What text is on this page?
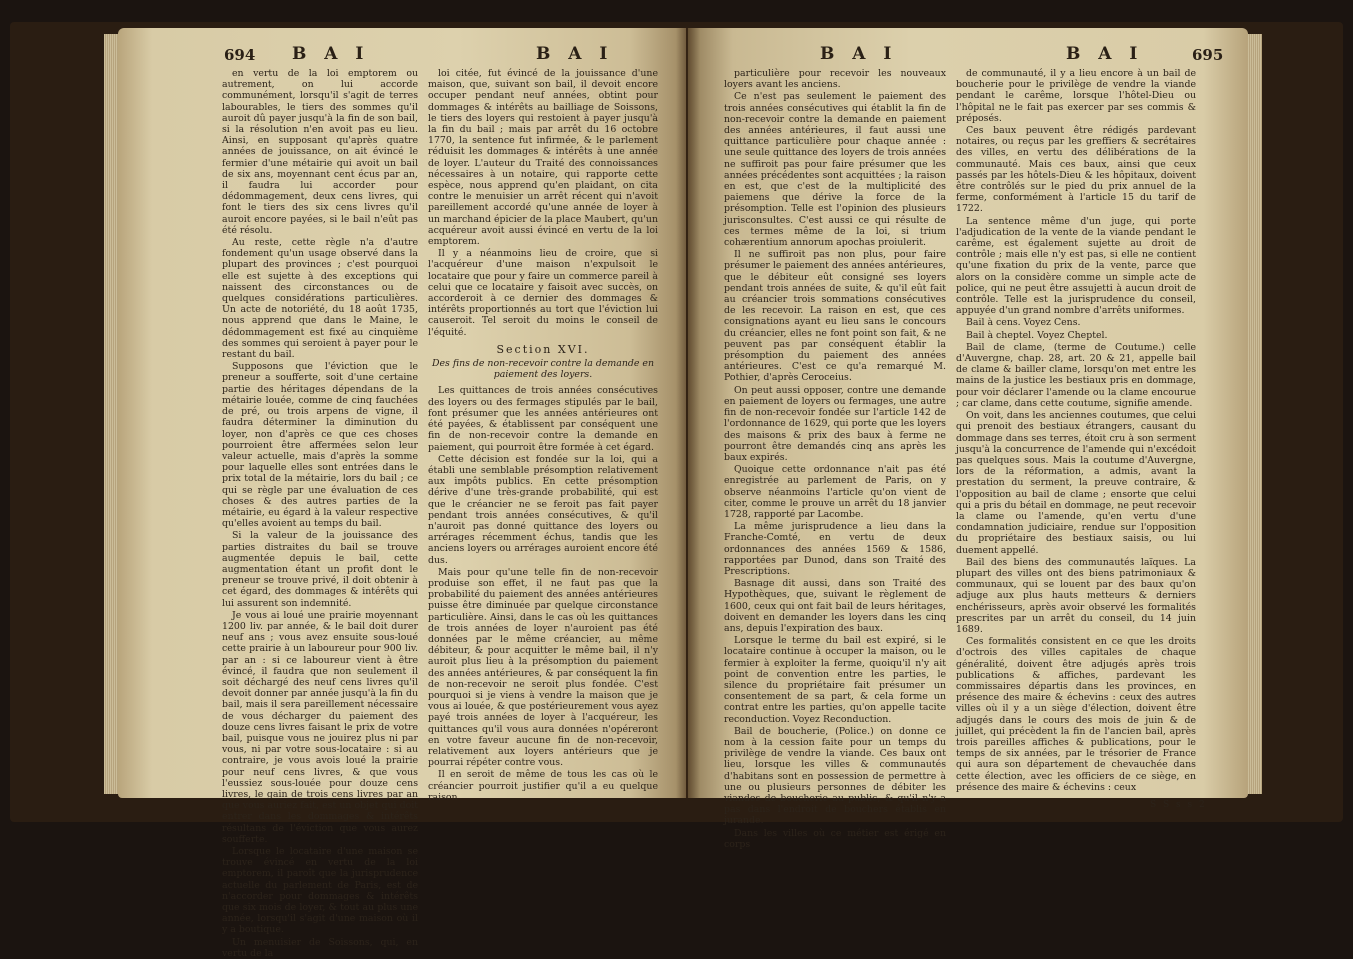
694 B A I	B A I	B A I	B A I	695

en vertu de la loi emptorem ou autrement, on lui accorde communément, lorsqu'il s'agit de terres labourables, le tiers des sommes qu'il auroit dû payer jusqu'à la fin de son bail, si la résolution n'en avoit pas eu lieu. Ainsi, en supposant qu'après quatre années de jouissance, on ait évincé le fermier d'une métairie qui avoit un bail de six ans, moyennant cent écus par an, il faudra lui accorder pour dédommagement, deux cens livres, qui font le tiers des six cens livres qu'il auroit encore payées, si le bail n'eût pas été résolu.

Au reste, cette règle n'a d'autre fondement qu'un usage observé dans la plupart des provinces ; c'est pourquoi elle est sujette à des exceptions qui naissent des circonstances ou de quelques considérations particulières. Un acte de notoriété, du 18 août 1735, nous apprend que dans le Maine, le dédommagement est fixé au cinquième des sommes qui seroient à payer pour le restant du bail.

Supposons que l'éviction que le preneur a soufferte, soit d'une certaine partie des héritages dépendans de la métairie louée, comme de cinq fauchées de pré, ou trois arpens de vigne, il faudra déterminer la diminution du loyer, non d'après ce que ces choses pourroient être affermées selon leur valeur actuelle, mais d'après la somme pour laquelle elles sont entrées dans le prix total de la métairie, lors du bail ; ce qui se règle par une évaluation de ces choses & des autres parties de la métairie, eu égard à la valeur respective qu'elles avoient au temps du bail.

Si la valeur de la jouissance des parties distraites du bail se trouve augmentée depuis le bail, cette augmentation étant un profit dont le preneur se trouve privé, il doit obtenir à cet égard, des dommages & intérêts qui lui assurent son indemnité.

Je vous ai loué une prairie moyennant 1200 liv. par année, & le bail doit durer neuf ans ; vous avez ensuite sous-loué cette prairie à un laboureur pour 900 liv. par an : si ce laboureur vient à être évincé, il faudra que non seulement il soit déchargé des neuf cens livres qu'il devoit donner par année jusqu'à la fin du bail, mais il sera pareillement nécessaire de vous décharger du paiement des douze cens livres faisant le prix de votre bail, puisque vous ne jouirez plus ni par vous, ni par votre sous-locataire : si au contraire, je vous avois loué la prairie pour neuf cens livres, & que vous l'eussiez sous-louée pour douze cens livres, le gain de trois cens livres par an que vous auriez fait, est un objet qui doit entrer dans les dommages & intérêts résultans de l'éviction que vous aurez soufferte.

Lorsque le locataire d'une maison se trouve évincé en vertu de la loi emptorem, il paroît que la jurisprudence actuelle du parlement de Paris, est de n'accorder pour dommages & intérêts que six mois de loyer, & tout au plus une année, lorsqu'il s'agit d'une maison où il y a boutique.

Un menuisier de Soissons, qui, en vertu de la

loi citée, fut évincé de la jouissance d'une maison, que, suivant son bail, il devoit encore occuper pendant neuf années, obtint pour dommages & intérêts au bailliage de Soissons, le tiers des loyers qui restoient à payer jusqu'à la fin du bail ; mais par arrêt du 16 octobre 1770, la sentence fut infirmée, & le parlement réduisit les dommages & intérêts à une année de loyer. L'auteur du Traité des connoissances nécessaires à un notaire, qui rapporte cette espèce, nous apprend qu'en plaidant, on cita contre le menuisier un arrêt récent qui n'avoit pareillement accordé qu'une année de loyer à un marchand épicier de la place Maubert, qu'un acquéreur avoit aussi évincé en vertu de la loi emptorem.

Il y a néanmoins lieu de croire, que si l'acquéreur d'une maison n'expulsoit le locataire que pour y faire un commerce pareil à celui que ce locataire y faisoit avec succès, on accorderoit à ce dernier des dommages & intérêts proportionnés au tort que l'éviction lui causeroit. Tel seroit du moins le conseil de l'équité.

Section XVI.
Des fins de non-recevoir contre la demande en paiement des loyers.

Les quittances de trois années consécutives des loyers ou des fermages stipulés par le bail, font présumer que les années antérieures ont été payées, & établissent par conséquent une fin de non-recevoir contre la demande en paiement, qui pourroit être formée à cet égard.

Cette décision est fondée sur la loi, qui a établi une semblable présomption relativement aux impôts publics. En cette présomption dérive d'une très-grande probabilité, qui est que le créancier ne se feroit pas fait payer pendant trois années consécutives, & qu'il n'auroit pas donné quittance des loyers ou arrérages récemment échus, tandis que les anciens loyers ou arrérages auroient encore été dus.

Mais pour qu'une telle fin de non-recevoir produise son effet, il ne faut pas que la probabilité du paiement des années antérieures puisse être diminuée par quelque circonstance particulière. Ainsi, dans le cas où les quittances de trois années de loyer n'auroient pas été données par le même créancier, au même débiteur, & pour acquitter le même bail, il n'y auroit plus lieu à la présomption du paiement des années antérieures, & par conséquent la fin de non-recevoir ne seroit plus fondée. C'est pourquoi si je viens à vendre la maison que je vous ai louée, & que postérieurement vous ayez payé trois années de loyer à l'acquéreur, les quittances qu'il vous aura données n'opéreront en votre faveur aucune fin de non-recevoir, relativement aux loyers antérieurs que je pourrai répéter contre vous.

Il en seroit de même de tous les cas où le créancier pourroit justifier qu'il a eu quelque raison

particulière pour recevoir les nouveaux loyers avant les anciens.

Ce n'est pas seulement le paiement des trois années consécutives qui établit la fin de non-recevoir contre la demande en paiement des années antérieures, il faut aussi une quittance particulière pour chaque année : une seule quittance des loyers de trois années ne suffiroit pas pour faire présumer que les années précédentes sont acquittées ; la raison en est, que c'est de la multiplicité des paiemens que dérive la force de la présomption. Telle est l'opinion des plusieurs jurisconsultes. C'est aussi ce qui résulte de ces termes même de la loi, si trium cohærentium annorum apochas proiulerit.

Il ne suffiroit pas non plus, pour faire présumer le paiement des années antérieures, que le débiteur eût consigné ses loyers pendant trois années de suite, & qu'il eût fait au créancier trois sommations consécutives de les recevoir. La raison en est, que ces consignations ayant eu lieu sans le concours du créancier, elles ne font point son fait, & ne peuvent pas par conséquent établir la présomption du paiement des années antérieures. C'est ce qu'a remarqué M. Pothier, d'après Ceroceius.

On peut aussi opposer, contre une demande en paiement de loyers ou fermages, une autre fin de non-recevoir fondée sur l'article 142 de l'ordonnance de 1629, qui porte que les loyers des maisons & prix des baux à ferme ne pourront être demandés cinq ans après les baux expirés.

Quoique cette ordonnance n'ait pas été enregistrée au parlement de Paris, on y observe néanmoins l'article qu'on vient de citer, comme le prouve un arrêt du 18 janvier 1728, rapporté par Lacombe.

La même jurisprudence a lieu dans la Franche-Comté, en vertu de deux ordonnances des années 1569 & 1586, rapportées par Dunod, dans son Traité des Prescriptions.

Basnage dit aussi, dans son Traité des Hypothèques, que, suivant le règlement de 1600, ceux qui ont fait bail de leurs héritages, doivent en demander les loyers dans les cinq ans, depuis l'expiration des baux.

Lorsque le terme du bail est expiré, si le locataire continue à occuper la maison, ou le fermier à exploiter la ferme, quoiqu'il n'y ait point de convention entre les parties, le silence du propriétaire fait présumer un consentement de sa part, & cela forme un contrat entre les parties, qu'on appelle tacite reconduction. Voyez Reconduction.

Bail de boucherie, (Police.) on donne ce nom à la cession faite pour un temps du privilège de vendre la viande. Ces baux ont lieu, lorsque les villes & communautés d'habitans sont en possession de permettre à une ou plusieurs personnes de débiter les viandes de boucherie au public, & qu'il n'y a pas dans l'endroit de bouchers établis en jurande.

Dans les villes où ce métier est érigé en corps

de communauté, il y a lieu encore à un bail de boucherie pour le privilège de vendre la viande pendant le carême, lorsque l'hôtel-Dieu ou l'hôpital ne le fait pas exercer par ses commis & préposés.

Ces baux peuvent être rédigés pardevant notaires, ou reçus par les greffiers & secrétaires des villes, en vertu des délibérations de la communauté. Mais ces baux, ainsi que ceux passés par les hôtels-Dieu & les hôpitaux, doivent être contrôlés sur le pied du prix annuel de la ferme, conformément à l'article 15 du tarif de 1722.

La sentence même d'un juge, qui porte l'adjudication de la vente de la viande pendant le carême, est également sujette au droit de contrôle ; mais elle n'y est pas, si elle ne contient qu'une fixation du prix de la vente, parce que alors on la considère comme un simple acte de police, qui ne peut être assujetti à aucun droit de contrôle. Telle est la jurisprudence du conseil, appuyée d'un grand nombre d'arrêts uniformes.

Bail à cens. Voyez Cens.

Bail à cheptel. Voyez Cheptel.

Bail de clame, (terme de Coutume.) celle d'Auvergne, chap. 28, art. 20 & 21, appelle bail de clame & bailler clame, lorsqu'on met entre les mains de la justice les bestiaux pris en dommage, pour voir déclarer l'amende ou la clame encourue ; car clame, dans cette coutume, signifie amende.

On voit, dans les anciennes coutumes, que celui qui prenoit des bestiaux étrangers, causant du dommage dans ses terres, étoit cru à son serment jusqu'à la concurrence de l'amende qui n'excédoit pas quelques sous. Mais la coutume d'Auvergne, lors de la réformation, a admis, avant la prestation du serment, la preuve contraire, & l'opposition au bail de clame ; ensorte que celui qui a pris du bétail en dommage, ne peut recevoir la clame ou l'amende, qu'en vertu d'une condamnation judiciaire, rendue sur l'opposition du propriétaire des bestiaux saisis, ou lui duement appellé.

Bail des biens des communautés laïques. La plupart des villes ont des biens patrimoniaux & communaux, qui se louent par des baux qu'on adjuge aux plus hauts metteurs & derniers enchérisseurs, après avoir observé les formalités prescrites par un arrêt du conseil, du 14 juin 1689.

Ces formalités consistent en ce que les droits d'octrois des villes capitales de chaque généralité, doivent être adjugés après trois publications & affiches, pardevant les commissaires départis dans les provinces, en présence des maire & échevins : ceux des autres villes où il y a un siège d'élection, doivent être adjugés dans le cours des mois de juin & de juillet, qui précèdent la fin de l'ancien bail, après trois pareilles affiches & publications, pour le temps de six années, par le trésorier de France qui aura son département de chevauchée dans cette élection, avec les officiers de ce siège, en présence des maire & échevins : ceux

S S s s 2
